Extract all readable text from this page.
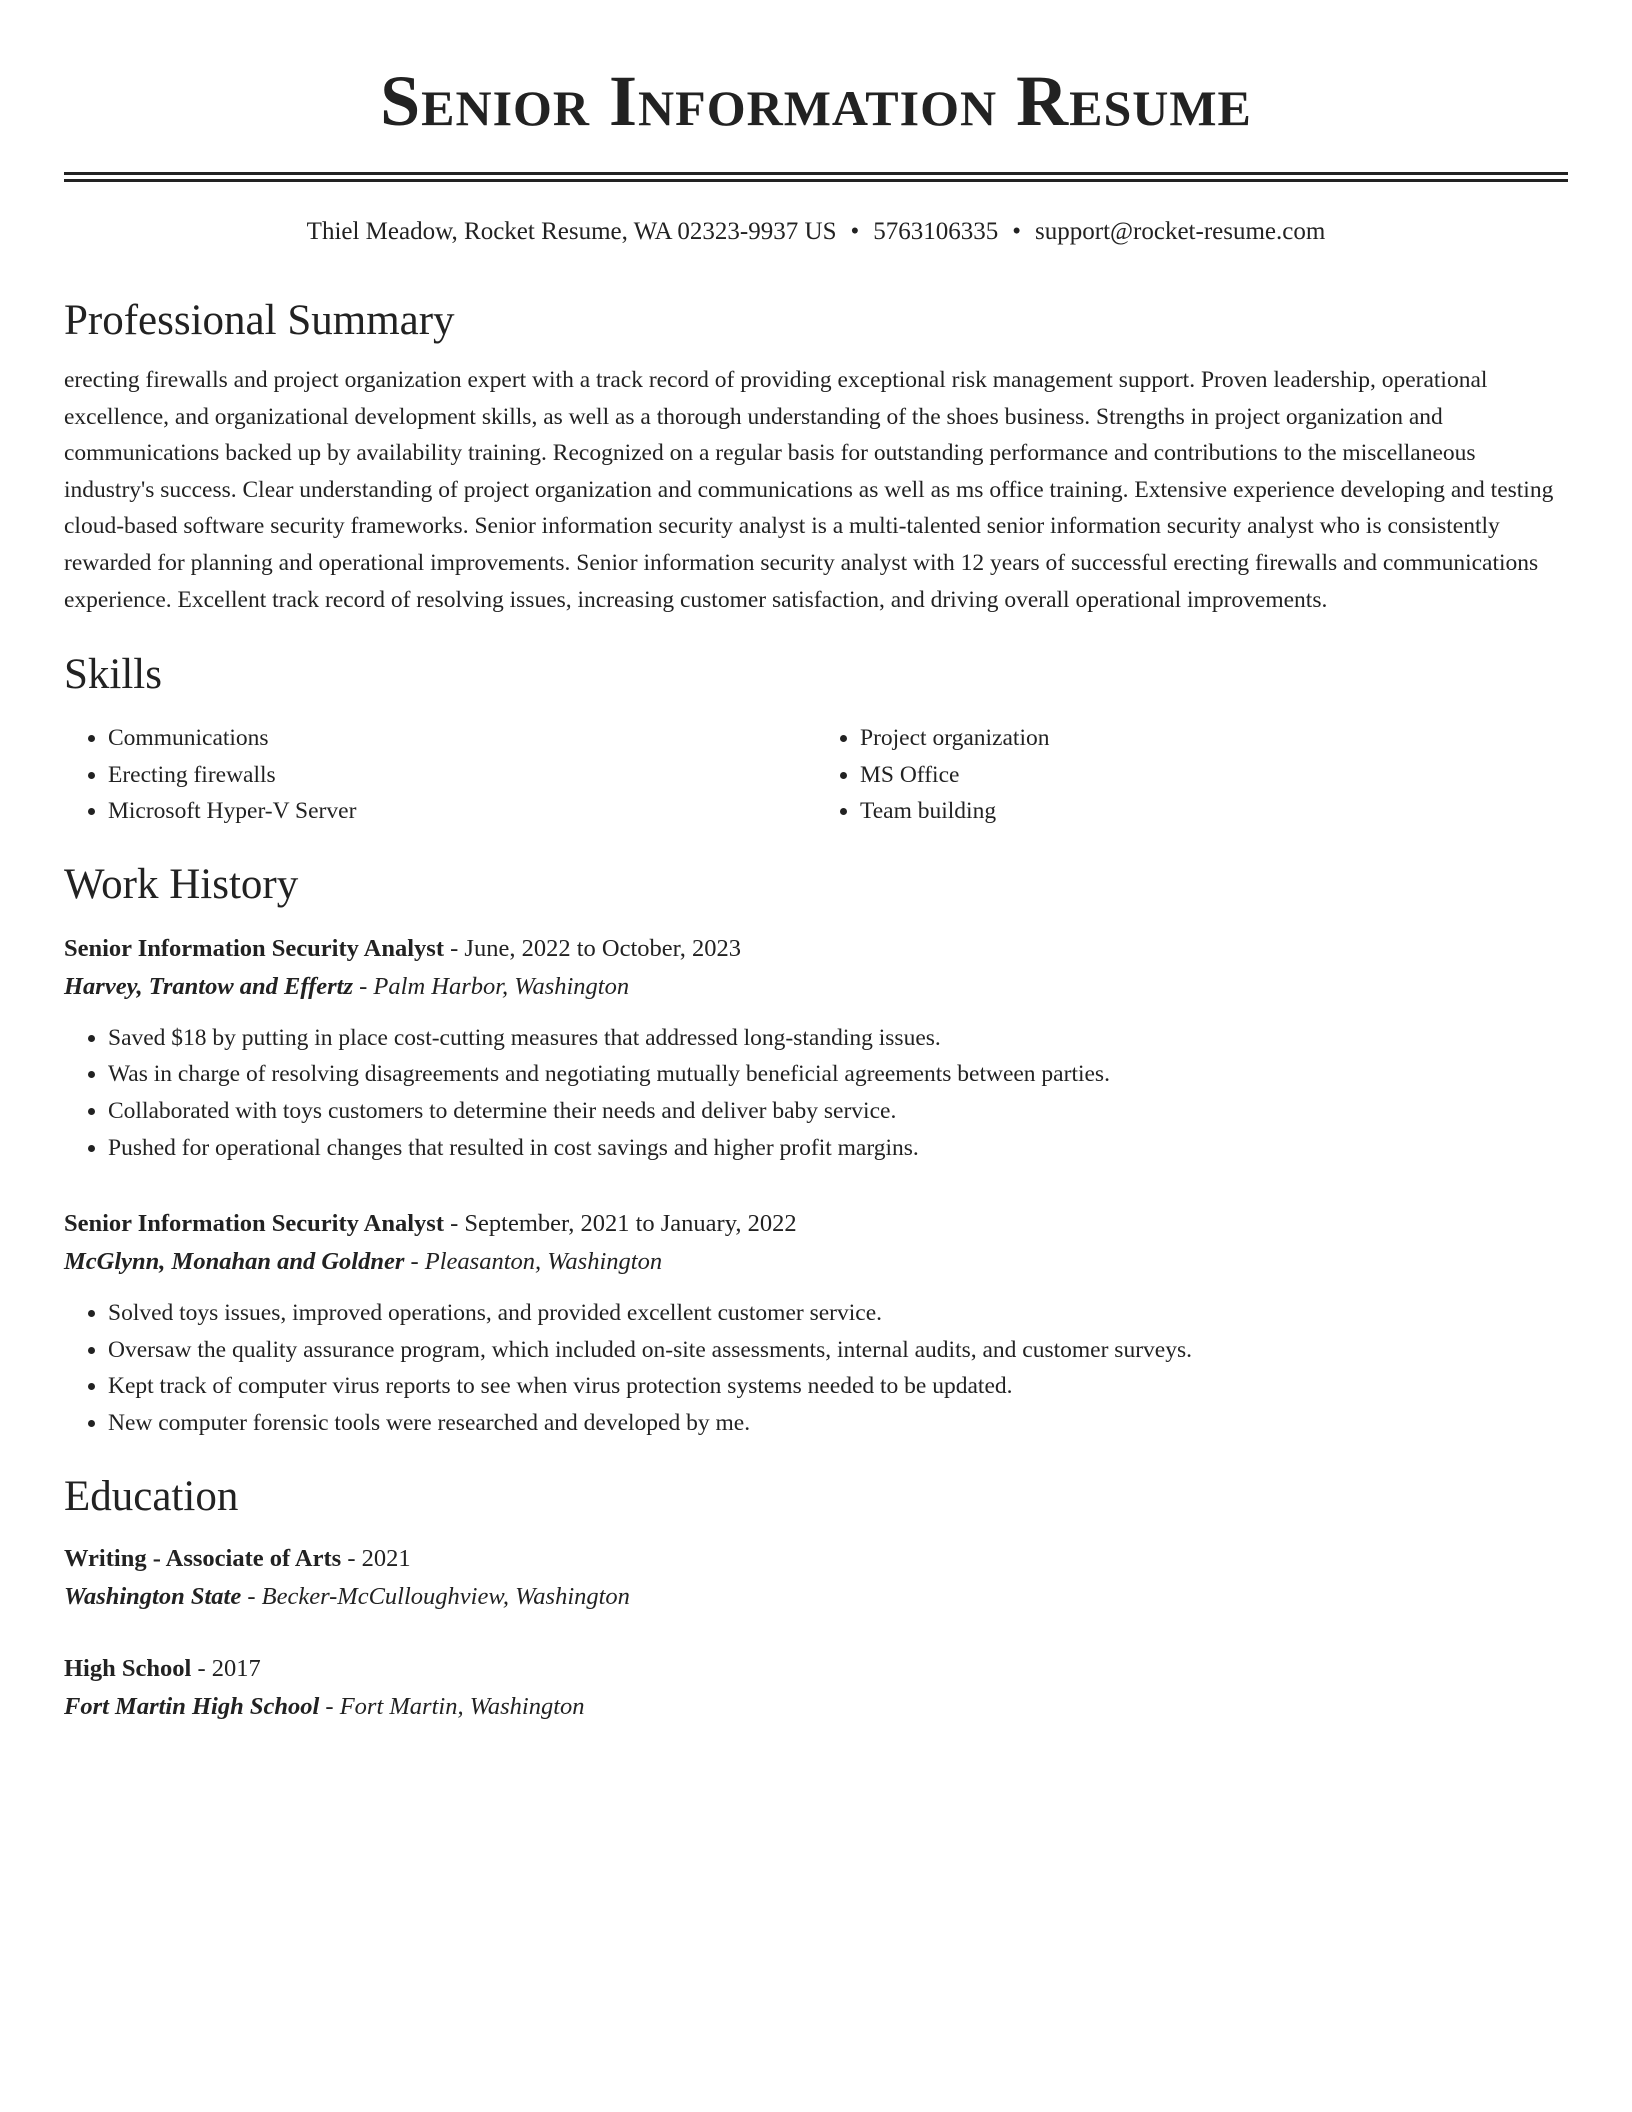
Senior Information Resume
Thiel Meadow, Rocket Resume, WA 02323-9937 US • 5763106335 • support@rocket-resume.com
Professional Summary

erecting firewalls and project organization expert with a track record of providing exceptional risk management support. Proven leadership, operational excellence, and organizational development skills, as well as a thorough understanding of the shoes business. Strengths in project organization and communications backed up by availability training. Recognized on a regular basis for outstanding performance and contributions to the miscellaneous industry's success. Clear understanding of project organization and communications as well as ms office training. Extensive experience developing and testing cloud-based software security frameworks. Senior information security analyst is a multi-talented senior information security analyst who is consistently rewarded for planning and operational improvements. Senior information security analyst with 12 years of successful erecting firewalls and communications experience. Excellent track record of resolving issues, increasing customer satisfaction, and driving overall operational improvements.

Skills
• Communications
• Erecting firewalls
• Microsoft Hyper-V Server
• Project organization
• MS Office
• Team building
Work History
Senior Information Security Analyst - June, 2022 to October, 2023
Harvey, Trantow and Effertz - Palm Harbor, Washington
• Saved $18 by putting in place cost-cutting measures that addressed long-standing issues.
• Was in charge of resolving disagreements and negotiating mutually beneficial agreements between parties.
• Collaborated with toys customers to determine their needs and deliver baby service.
• Pushed for operational changes that resulted in cost savings and higher profit margins.
Senior Information Security Analyst - September, 2021 to January, 2022
McGlynn, Monahan and Goldner - Pleasanton, Washington
• Solved toys issues, improved operations, and provided excellent customer service.
• Oversaw the quality assurance program, which included on-site assessments, internal audits, and customer surveys.
• Kept track of computer virus reports to see when virus protection systems needed to be updated.
• New computer forensic tools were researched and developed by me.
Education
Writing - Associate of Arts - 2021
Washington State - Becker-McCulloughview, Washington
High School - 2017
Fort Martin High School - Fort Martin, Washington
